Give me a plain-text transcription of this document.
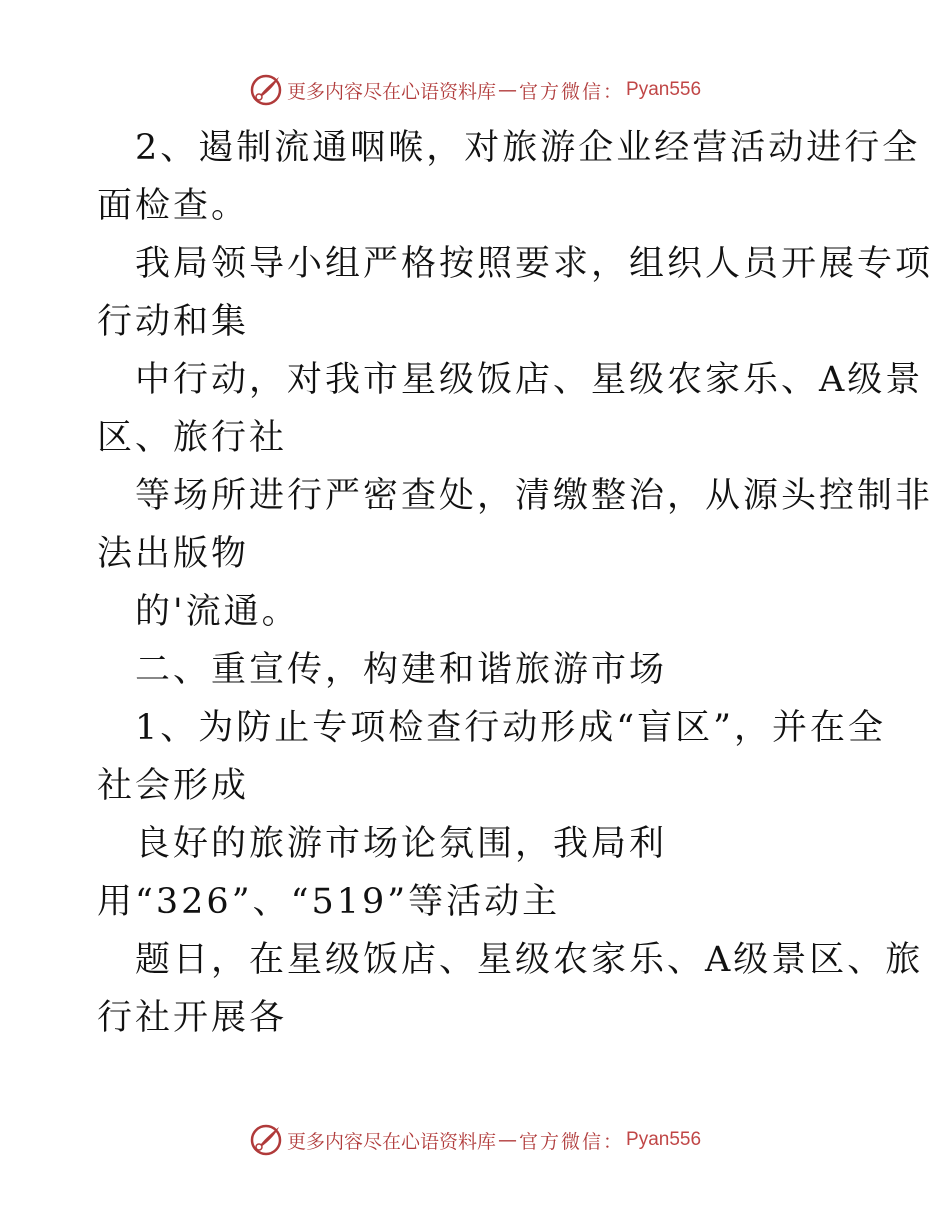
更多内容尽在心语资料库 — 官方微信 ： Pyan556
2、遏制流通咽喉，对旅游企业经营活动进行全
面检查。
我局领导小组严格按照要求，组织人员开展专项
行动和集
中行动，对我市星级饭店、星级农家乐、A级景
区、旅行社
等场所进行严密查处，清缴整治，从源头控制非
法出版物
的'流通。
二、重宣传，构建和谐旅游市场
1、为防止专项检查行动形成“盲区”，并在全
社会形成
良好的旅游市场论氛围，我局利
用“326”、“519”等活动主
题日，在星级饭店、星级农家乐、A级景区、旅
行社开展各
更多内容尽在心语资料库 — 官方微信 ： Pyan556
